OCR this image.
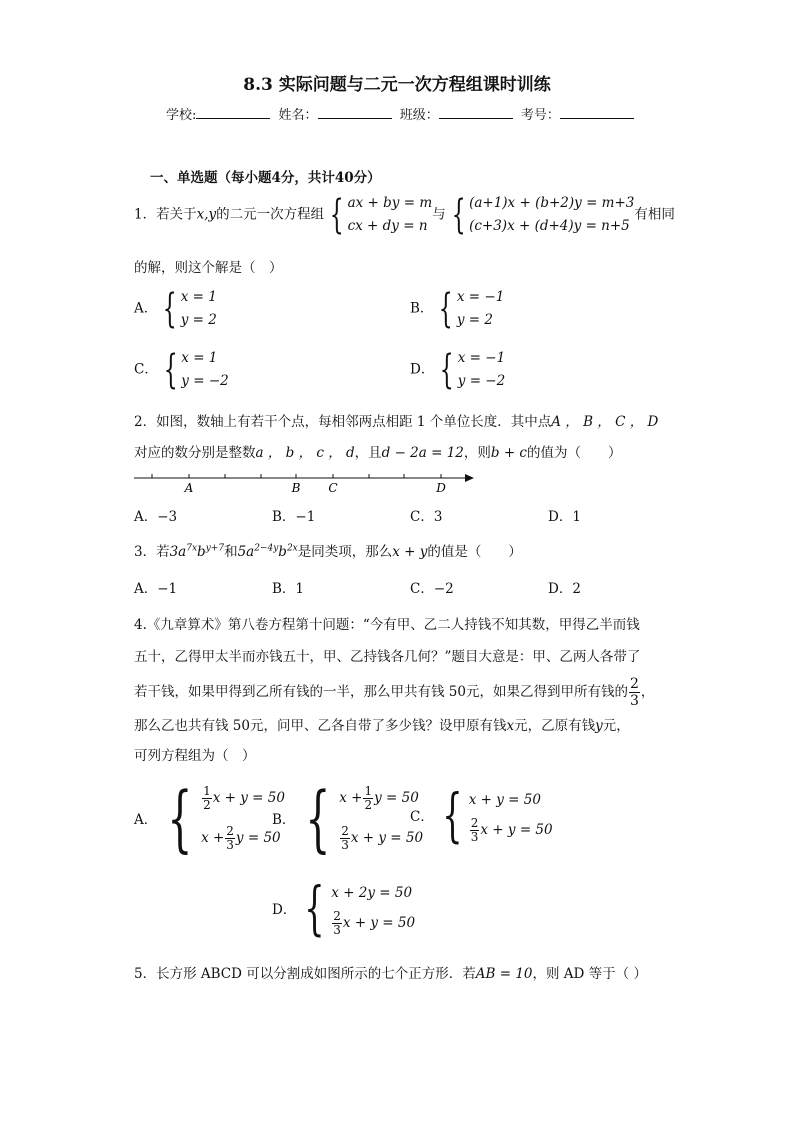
8.3 实际问题与二元一次方程组课时训练
学校:	姓名：	班级：	考号：
一、单选题（每小题4分，共计40分）
1．若关于x,y的二元一次方程组 { ax + by = m
cx + dy = n
与 { (a+1)x + (b+2)y = m+3
(c+3)x + (d+4)y = n+5
有相同
的解，则这个解是（　）
A． { x = 1
y = 2
B． { x = −1
y = 2
C． { x = 1
y = −2
D． { x = −1
y = −2
2．如图，数轴上有若干个点，每相邻两点相距 1 个单位长度．其中点A ， B ， C ， D
对应的数分别是整数a ， b ， c ， d，且d − 2a = 12，则b + c的值为（　　）
A	B C	D
A．−3	B．−1	C．3	D．1
3．若$3a^{7x}b^{y+7}$和$5a^{2-4y}b^{2x}$是同类项，那么x + y的值是（　　）
A．−1	B．1	C．−2	D．2
4.《九章算术》第八卷方程第十问题：“今有甲、乙二人持钱不知其数，甲得乙半而钱
五十，乙得甲太半而亦钱五十，甲、乙持钱各几何？”题目大意是：甲、乙两人各带了
若干钱，如果甲得到乙所有钱的一半，那么甲共有钱 50元，如果乙得到甲所有钱的 $\frac{2}{3}$ ，
那么乙也共有钱 50元，问甲、乙各自带了多少钱？设甲原有钱x元，乙原有钱y元，
可列方程组为（　）
A． { $\frac{1}{2}$ x + y = 50
$x + \frac{2}{3}$ y = 50
B． { $x + \frac{1}{2}$ y = 50
$\frac{2}{3}$ x + y = 50
C． { x + y = 50
$\frac{2}{3}$ x + y = 50
D． { x + 2y = 50
$\frac{2}{3}$ x + y = 50
5．长方形 ABCD 可以分割成如图所示的七个正方形．若AB = 10，则 AD 等于（ ）
